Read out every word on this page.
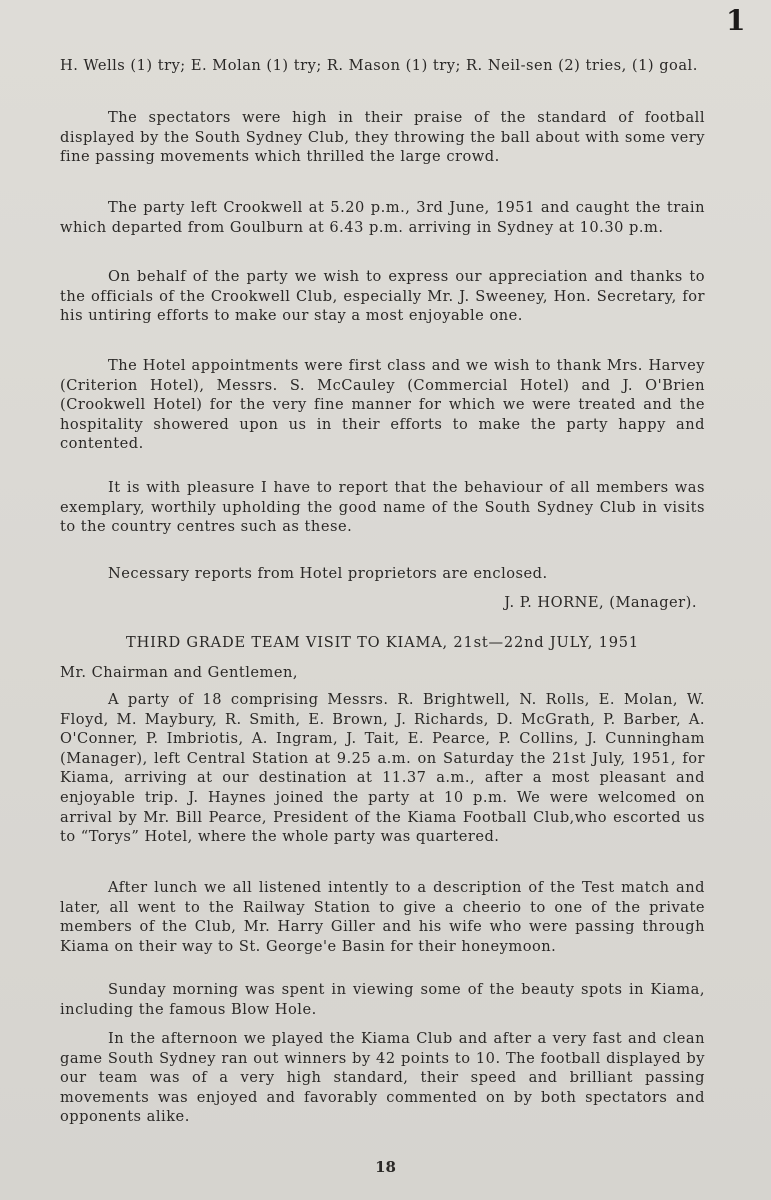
1

H. Wells (1) try; E. Molan (1) try; R. Mason (1) try; R. Neil-sen (2) tries, (1) goal.

The spectators were high in their praise of the standard of football displayed by the South Sydney Club, they throwing the ball about with some very fine passing movements which thrilled the large crowd.

The party left Crookwell at 5.20 p.m., 3rd June, 1951 and caught the train which departed from Goulburn at 6.43 p.m. arriving in Sydney at 10.30 p.m.

On behalf of the party we wish to express our appreciation and thanks to the officials of the Crookwell Club, especially Mr. J. Sweeney, Hon. Secretary, for his untiring efforts to make our stay a most enjoyable one.

The Hotel appointments were first class and we wish to thank Mrs. Harvey (Criterion Hotel), Messrs. S. McCauley (Commercial Hotel) and J. O'Brien (Crookwell Hotel) for the very fine manner for which we were treated and the hospitality showered upon us in their efforts to make the party happy and contented.

It is with pleasure I have to report that the behaviour of all members was exemplary, worthily upholding the good name of the South Sydney Club in visits to the country centres such as these.

Necessary reports from Hotel proprietors are enclosed.

J. P. HORNE, (Manager).

THIRD GRADE TEAM VISIT TO KIAMA, 21st—22nd JULY, 1951

Mr. Chairman and Gentlemen,

A party of 18 comprising Messrs. R. Brightwell, N. Rolls, E. Molan, W. Floyd, M. Maybury, R. Smith, E. Brown, J. Richards, D. McGrath, P. Barber, A. O'Conner, P. Imbriotis, A. Ingram, J. Tait, E. Pearce, P. Collins, J. Cunningham (Manager), left Central Station at 9.25 a.m. on Saturday the 21st July, 1951, for Kiama, arriving at our destination at 11.37 a.m., after a most pleasant and enjoyable trip. J. Haynes joined the party at 10 p.m. We were welcomed on arrival by Mr. Bill Pearce, President of the Kiama Football Club,who escorted us to “Torys” Hotel, where the whole party was quartered.

After lunch we all listened intently to a description of the Test match and later, all went to the Railway Station to give a cheerio to one of the private members of the Club, Mr. Harry Giller and his wife who were passing through Kiama on their way to St. George'e Basin for their honeymoon.

Sunday morning was spent in viewing some of the beauty spots in Kiama, including the famous Blow Hole.

In the afternoon we played the Kiama Club and after a very fast and clean game South Sydney ran out winners by 42 points to 10. The football displayed by our team was of a very high standard, their speed and brilliant passing movements was enjoyed and favorably commented on by both spectators and opponents alike.

18
